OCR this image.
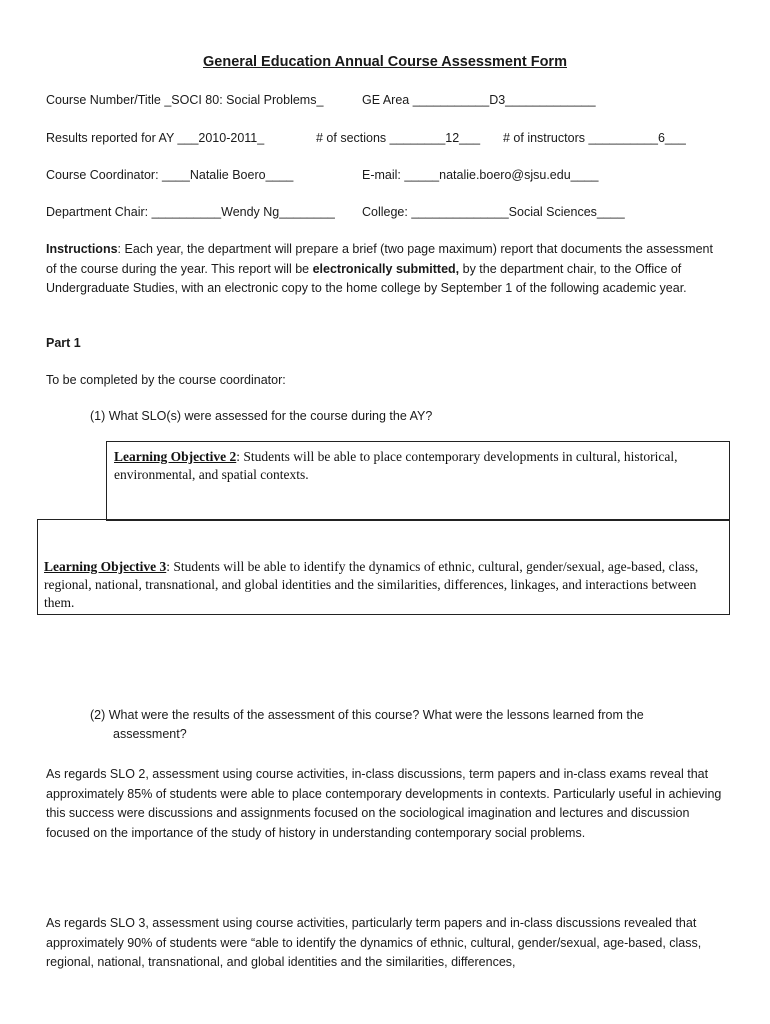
General Education Annual Course Assessment Form
Course Number/Title _SOCI 80: Social Problems_	GE Area ___________D3_____________
Results reported for AY ___2010-2011_	# of sections ________12___ # of instructors __________6___
Course Coordinator: ____Natalie Boero____	E-mail: _____natalie.boero@sjsu.edu____
Department Chair: __________Wendy Ng________ College: ______________Social Sciences____
Instructions: Each year, the department will prepare a brief (two page maximum) report that documents the assessment of the course during the year. This report will be electronically submitted, by the department chair, to the Office of Undergraduate Studies, with an electronic copy to the home college by September 1 of the following academic year.
Part 1
To be completed by the course coordinator:
(1) What SLO(s) were assessed for the course during the AY?
Learning Objective 2: Students will be able to place contemporary developments in cultural, historical, environmental, and spatial contexts.
Learning Objective 3: Students will be able to identify the dynamics of ethnic, cultural, gender/sexual, age-based, class, regional, national, transnational, and global identities and the similarities, differences, linkages, and interactions between them.
(2) What were the results of the assessment of this course? What were the lessons learned from the
assessment?
As regards SLO 2, assessment using course activities, in-class discussions, term papers and in-class exams reveal that approximately 85% of students were able to place contemporary developments in contexts. Particularly useful in achieving this success were discussions and assignments focused on the sociological imagination and lectures and discussion focused on the importance of the study of history in understanding contemporary social problems.
As regards SLO 3, assessment using course activities, particularly term papers and in-class discussions revealed that approximately 90% of students were “able to identify the dynamics of ethnic, cultural, gender/sexual, age-based, class, regional, national, transnational, and global identities and the similarities, differences,
